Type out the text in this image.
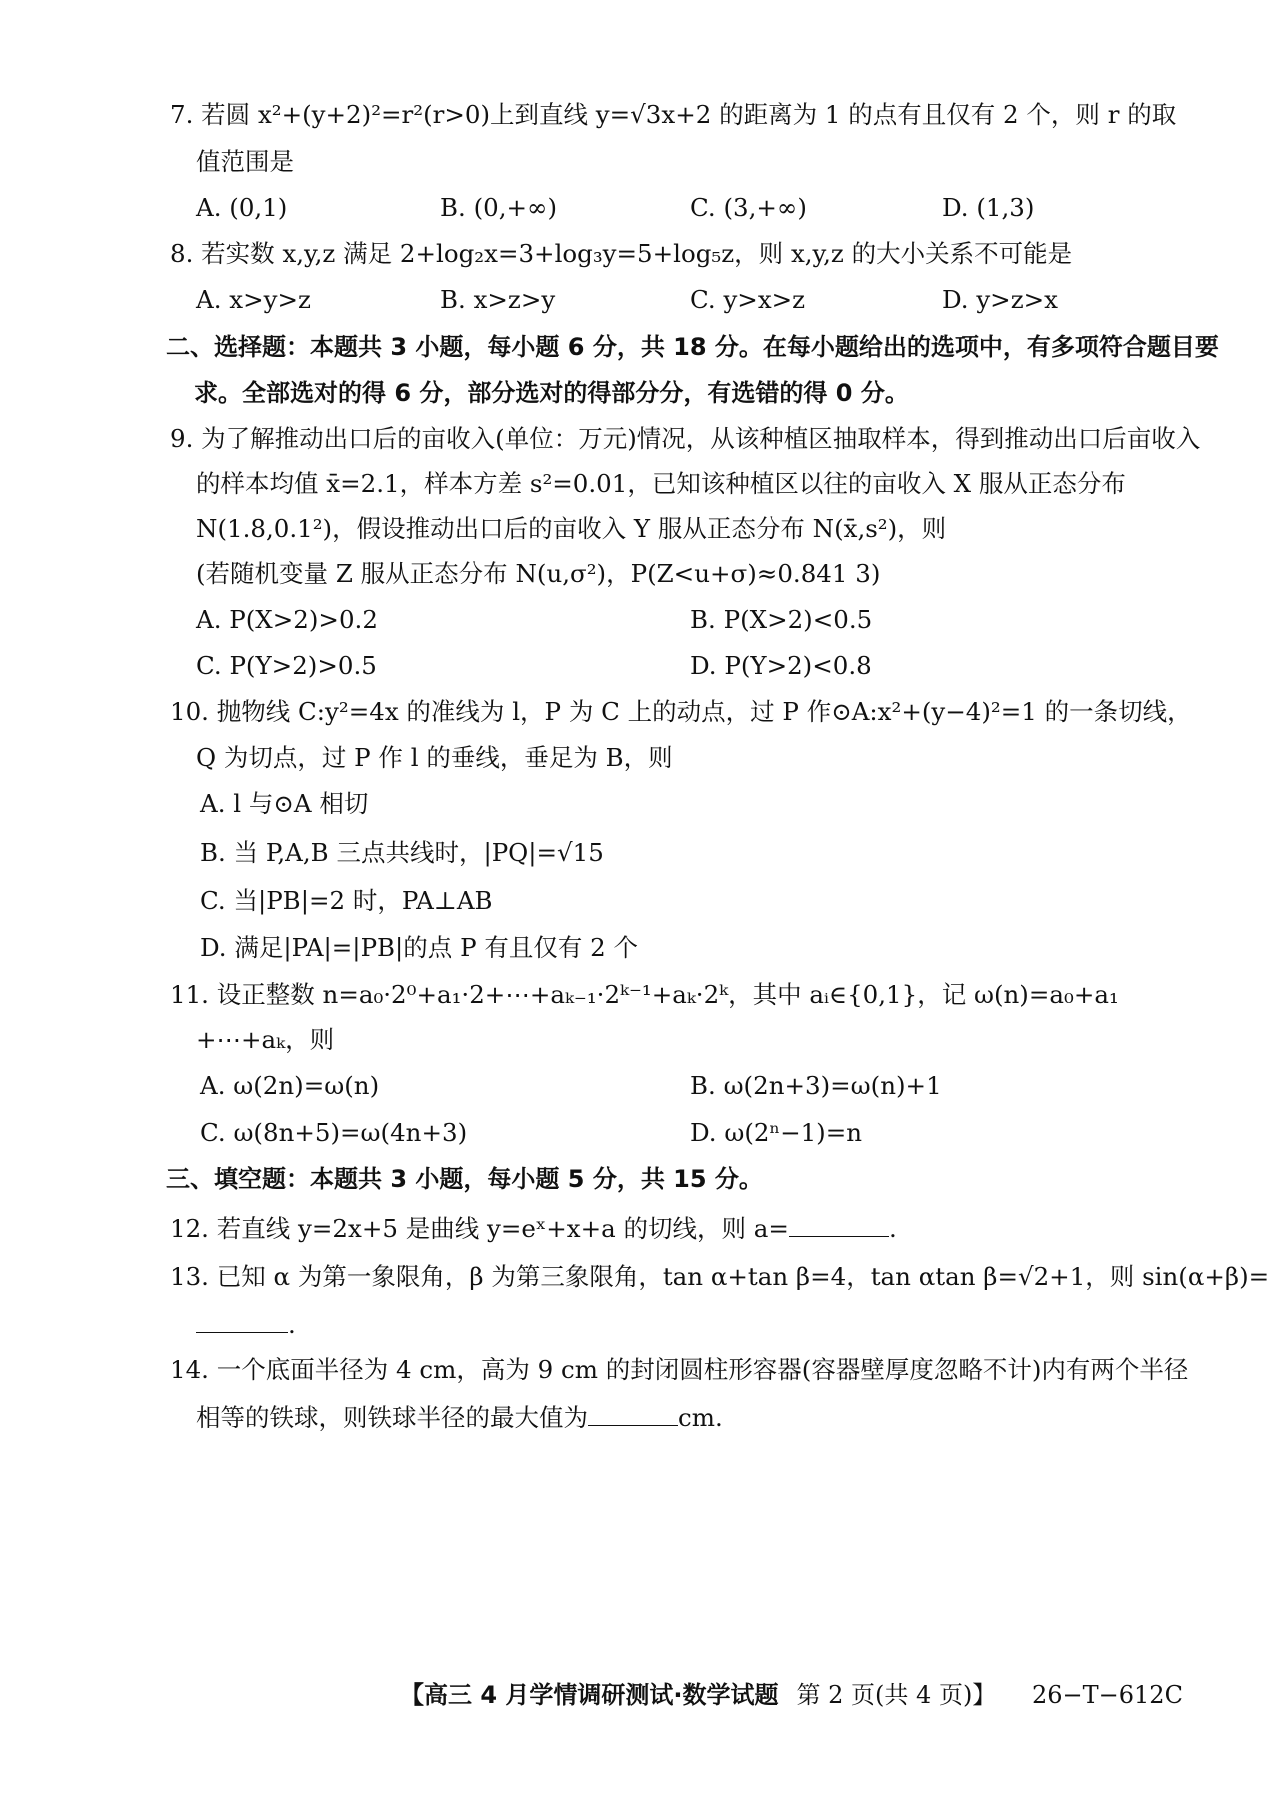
7. 若圆 x²+(y+2)²=r²(r>0)上到直线 y=√3x+2 的距离为 1 的点有且仅有 2 个，则 r 的取
值范围是
A. (0,1)	B. (0,+∞)	C. (3,+∞)	D. (1,3)
8. 若实数 x,y,z 满足 2+log₂x=3+log₃y=5+log₅z，则 x,y,z 的大小关系不可能是
A. x>y>z	B. x>z>y	C. y>x>z	D. y>z>x
二、选择题：本题共 3 小题，每小题 6 分，共 18 分。在每小题给出的选项中，有多项符合题目要
求。全部选对的得 6 分，部分选对的得部分分，有选错的得 0 分。
9. 为了解推动出口后的亩收入(单位：万元)情况，从该种植区抽取样本，得到推动出口后亩收入
的样本均值 x̄=2.1，样本方差 s²=0.01，已知该种植区以往的亩收入 X 服从正态分布
N(1.8,0.1²)，假设推动出口后的亩收入 Y 服从正态分布 N(x̄,s²)，则
(若随机变量 Z 服从正态分布 N(u,σ²)，P(Z<u+σ)≈0.841 3)
A. P(X>2)>0.2	B. P(X>2)<0.5
C. P(Y>2)>0.5	D. P(Y>2)<0.8
10. 抛物线 C:y²=4x 的准线为 l，P 为 C 上的动点，过 P 作⊙A:x²+(y−4)²=1 的一条切线，
Q 为切点，过 P 作 l 的垂线，垂足为 B，则
A. l 与⊙A 相切
B. 当 P,A,B 三点共线时，|PQ|=√15
C. 当|PB|=2 时，PA⊥AB
D. 满足|PA|=|PB|的点 P 有且仅有 2 个
11. 设正整数 n=a₀·2⁰+a₁·2+⋯+aₖ₋₁·2ᵏ⁻¹+aₖ·2ᵏ，其中 aᵢ∈{0,1}，记 ω(n)=a₀+a₁
+⋯+aₖ，则
A. ω(2n)=ω(n)	B. ω(2n+3)=ω(n)+1
C. ω(8n+5)=ω(4n+3)	D. ω(2ⁿ−1)=n
三、填空题：本题共 3 小题，每小题 5 分，共 15 分。
12. 若直线 y=2x+5 是曲线 y=eˣ+x+a 的切线，则 a=	.
13. 已知 α 为第一象限角，β 为第三象限角，tan α+tan β=4，tan αtan β=√2+1，则 sin(α+β)=
.
14. 一个底面半径为 4 cm，高为 9 cm 的封闭圆柱形容器(容器壁厚度忽略不计)内有两个半径
相等的铁球，则铁球半径的最大值为	cm.
【高三 4 月学情调研测试·数学试题 第 2 页(共 4 页)】 26−T−612C
